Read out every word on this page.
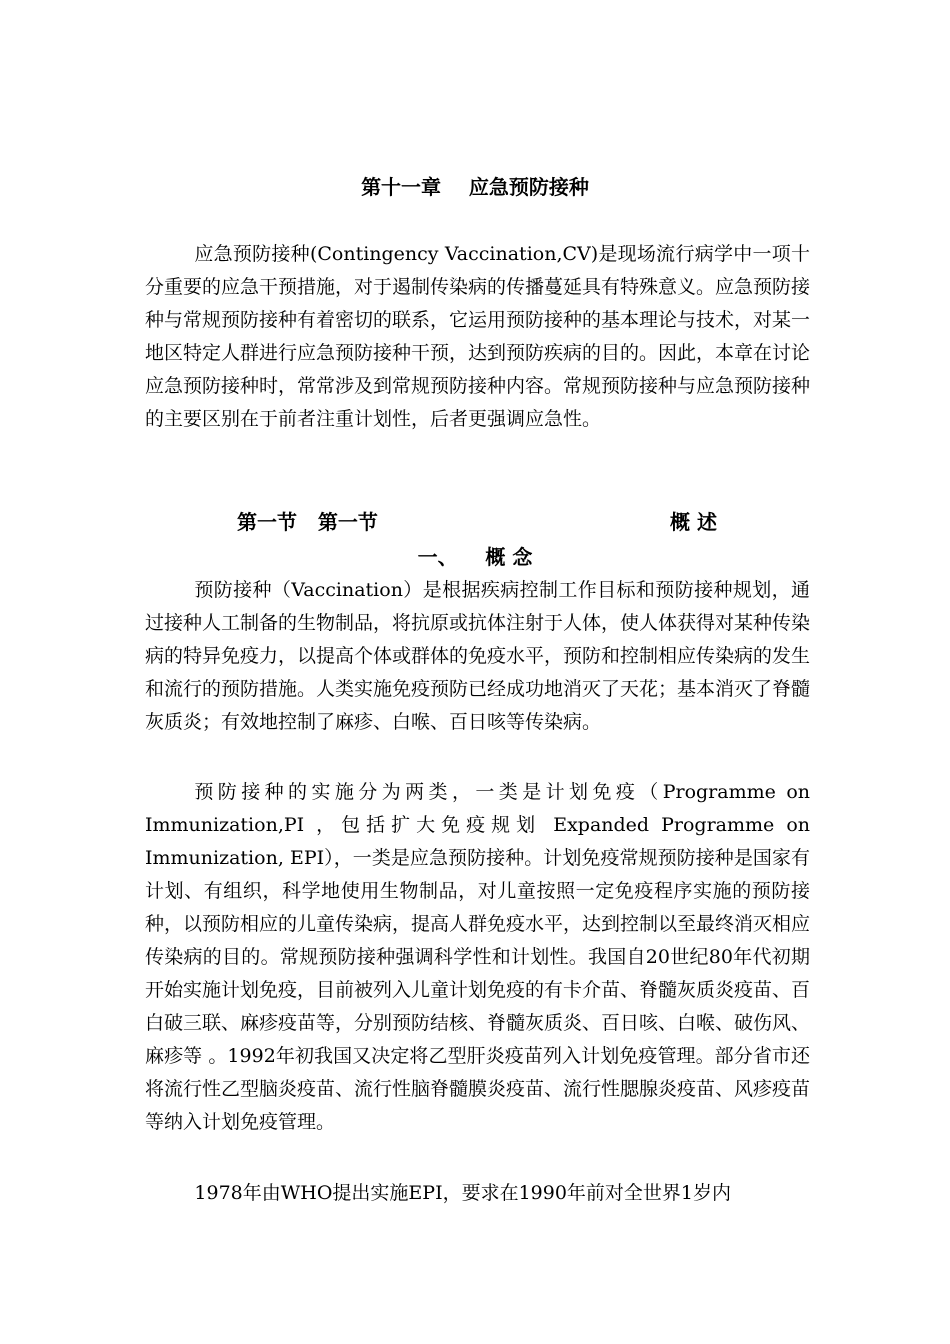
第十一章    应急预防接种

应急预防接种(Contingency Vaccination,CV)是现场流行病学中一项十分重要的应急干预措施，对于遏制传染病的传播蔓延具有特殊意义。应急预防接种与常规预防接种有着密切的联系，它运用预防接种的基本理论与技术，对某一地区特定人群进行应急预防接种干预，达到预防疾病的目的。因此，本章在讨论应急预防接种时，常常涉及到常规预防接种内容。常规预防接种与应急预防接种的主要区别在于前者注重计划性，后者更强调应急性。

第一节   第一节	概 述
一、    概 念

预防接种（Vaccination）是根据疾病控制工作目标和预防接种规划，通过接种人工制备的生物制品，将抗原或抗体注射于人体，使人体获得对某种传染病的特异免疫力，以提高个体或群体的免疫水平，预防和控制相应传染病的发生和流行的预防措施。人类实施免疫预防已经成功地消灭了天花；基本消灭了脊髓灰质炎；有效地控制了麻疹、白喉、百日咳等传染病。

预防接种的实施分为两类，一类是计划免疫（Programme on Immunization,PI ，包括扩大免疫规划 Expanded Programme on Immunization, EPI），一类是应急预防接种。计划免疫常规预防接种是国家有计划、有组织，科学地使用生物制品，对儿童按照一定免疫程序实施的预防接种，以预防相应的儿童传染病，提高人群免疫水平，达到控制以至最终消灭相应传染病的目的。常规预防接种强调科学性和计划性。我国自20世纪80年代初期开始实施计划免疫，目前被列入儿童计划免疫的有卡介苗、脊髓灰质炎疫苗、百白破三联、麻疹疫苗等，分别预防结核、脊髓灰质炎、百日咳、白喉、破伤风、麻疹等 。1992年初我国又决定将乙型肝炎疫苗列入计划免疫管理。部分省市还将流行性乙型脑炎疫苗、流行性脑脊髓膜炎疫苗、流行性腮腺炎疫苗、风疹疫苗等纳入计划免疫管理。

1978年由WHO提出实施EPI，要求在1990年前对全世界1岁内
